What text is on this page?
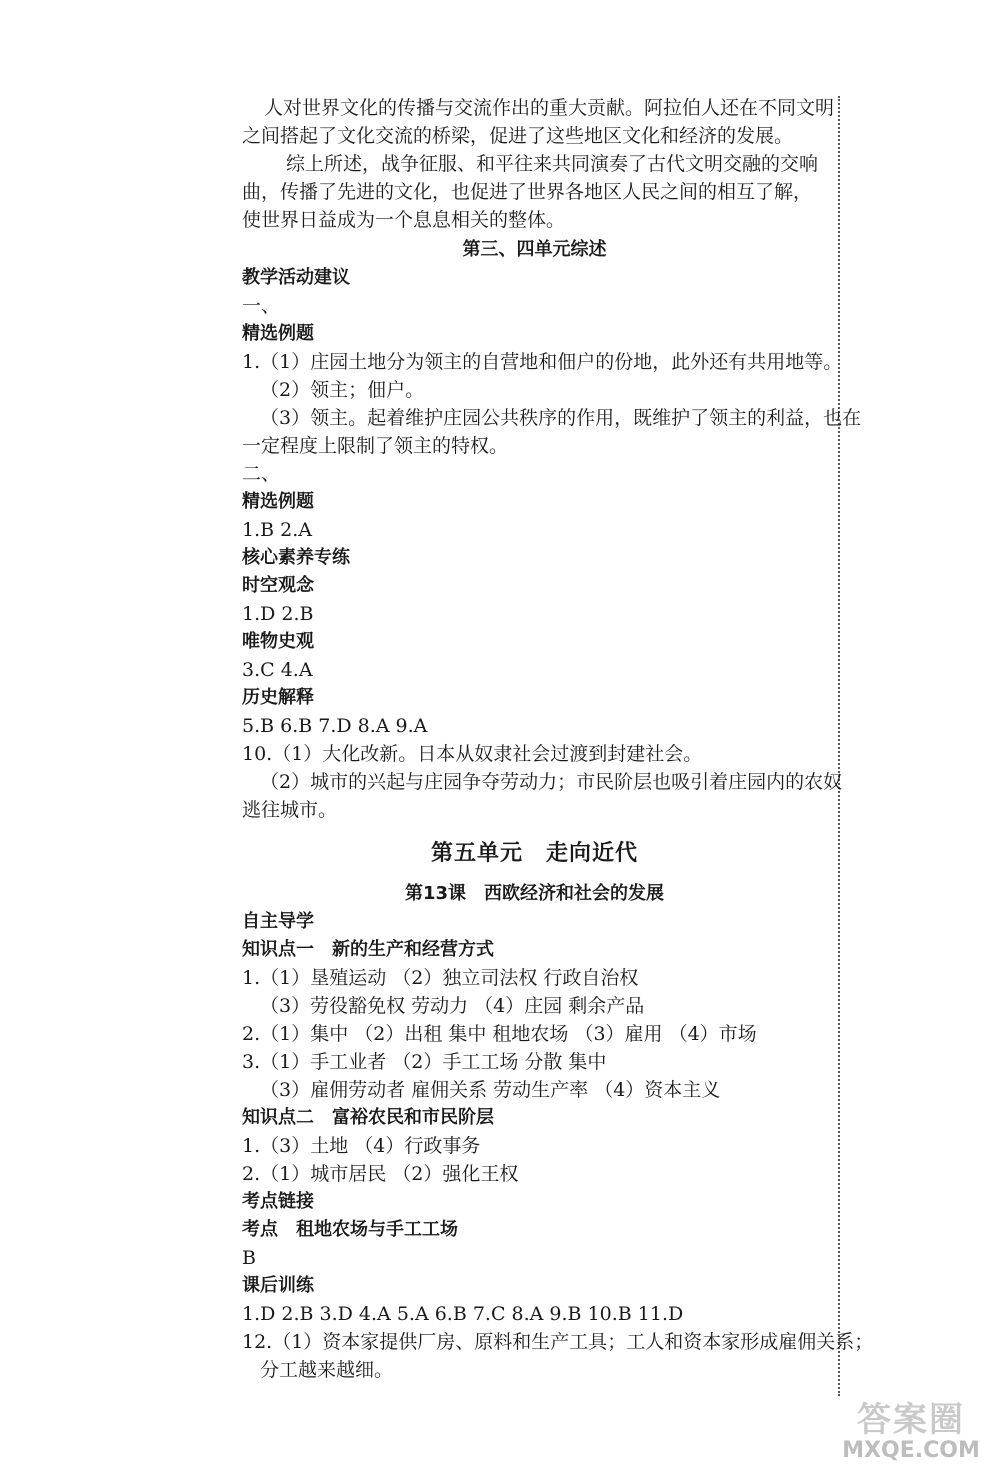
人对世界文化的传播与交流作出的重大贡献。阿拉伯人还在不同文明
之间搭起了文化交流的桥梁，促进了这些地区文化和经济的发展。
综上所述，战争征服、和平往来共同演奏了古代文明交融的交响
曲，传播了先进的文化，也促进了世界各地区人民之间的相互了解，
使世界日益成为一个息息相关的整体。
第三、四单元综述
教学活动建议
一、
精选例题
1.（1）庄园土地分为领主的自营地和佃户的份地，此外还有共用地等。
（2）领主；佃户。
（3）领主。起着维护庄园公共秩序的作用，既维护了领主的利益，也在
一定程度上限制了领主的特权。
二、
精选例题
1.B 2.A
核心素养专练
时空观念
1.D 2.B
唯物史观
3.C 4.A
历史解释
5.B 6.B 7.D 8.A 9.A
10.（1）大化改新。日本从奴隶社会过渡到封建社会。
（2）城市的兴起与庄园争夺劳动力；市民阶层也吸引着庄园内的农奴
逃往城市。
第五单元　走向近代
第13课　西欧经济和社会的发展
自主导学
知识点一　新的生产和经营方式
1.（1）垦殖运动 （2）独立司法权 行政自治权
（3）劳役豁免权 劳动力 （4）庄园 剩余产品
2.（1）集中 （2）出租 集中 租地农场 （3）雇用 （4）市场
3.（1）手工业者 （2）手工工场 分散 集中
（3）雇佣劳动者 雇佣关系 劳动生产率 （4）资本主义
知识点二　富裕农民和市民阶层
1.（3）土地 （4）行政事务
2.（1）城市居民 （2）强化王权
考点链接
考点　租地农场与手工工场
B
课后训练
1.D 2.B 3.D 4.A 5.A 6.B 7.C 8.A 9.B 10.B 11.D
12.（1）资本家提供厂房、原料和生产工具；工人和资本家形成雇佣关系；
分工越来越细。
答案圈
MXQE.COM
